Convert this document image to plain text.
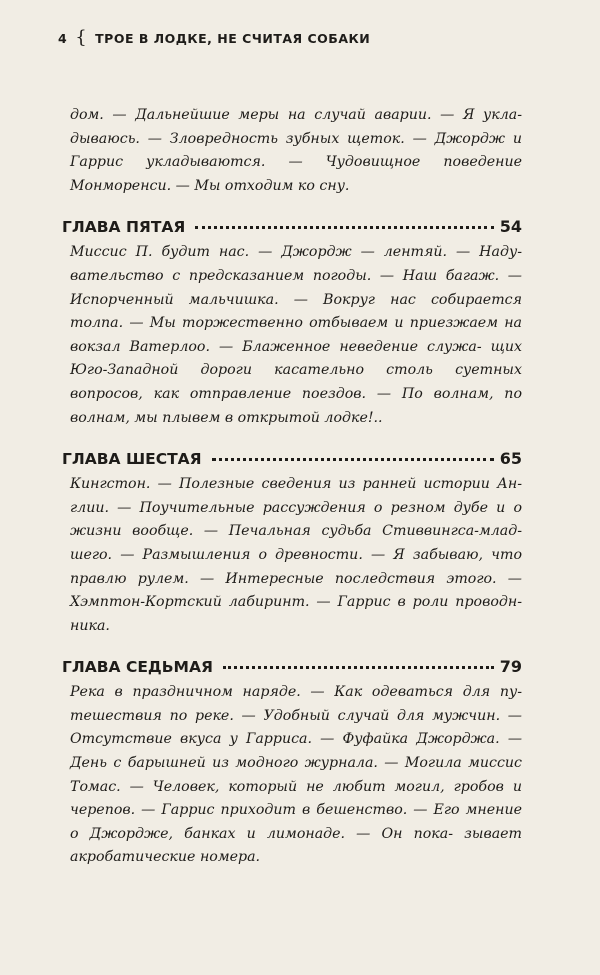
4 { ТРОЕ В ЛОДКЕ, НЕ СЧИТАЯ СОБАКИ

дом. — Дальнейшие меры на случай аварии. — Я укла- дываюсь. — Зловредность зубных щеток. — Джордж и Гаррис укладываются. — Чудовищное поведение Монморенси. — Мы отходим ко сну.

ГЛАВА ПЯТАЯ	54

Миссис П. будит нас. — Джордж — лентяй. — Наду- вательство с предсказанием погоды. — Наш багаж. — Испорченный мальчишка. — Вокруг нас собирается толпа. — Мы торжественно отбываем и приезжаем на вокзал Ватерлоо. — Блаженное неведение служа- щих Юго-Западной дороги касательно столь суетных вопросов, как отправление поездов. — По волнам, по волнам, мы плывем в открытой лодке!..

ГЛАВА ШЕСТАЯ	65

Кингстон. — Полезные сведения из ранней истории Ан- глии. — Поучительные рассуждения о резном дубе и о жизни вообще. — Печальная судьба Стиввингса-млад- шего. — Размышления о древности. — Я забываю, что правлю рулем. — Интересные последствия этого. — Хэмптон-Кортский лабиринт. — Гаррис в роли проводн- ника.

ГЛАВА СЕДЬМАЯ	79

Река в праздничном наряде. — Как одеваться для пу- тешествия по реке. — Удобный случай для мужчин. — Отсутствие вкуса у Гарриса. — Фуфайка Джорджа. — День с барышней из модного журнала. — Могила миссис Томас. — Человек, который не любит могил, гробов и черепов. — Гаррис приходит в бешенство. — Его мнение о Джордже, банках и лимонаде. — Он пока- зывает акробатические номера.
